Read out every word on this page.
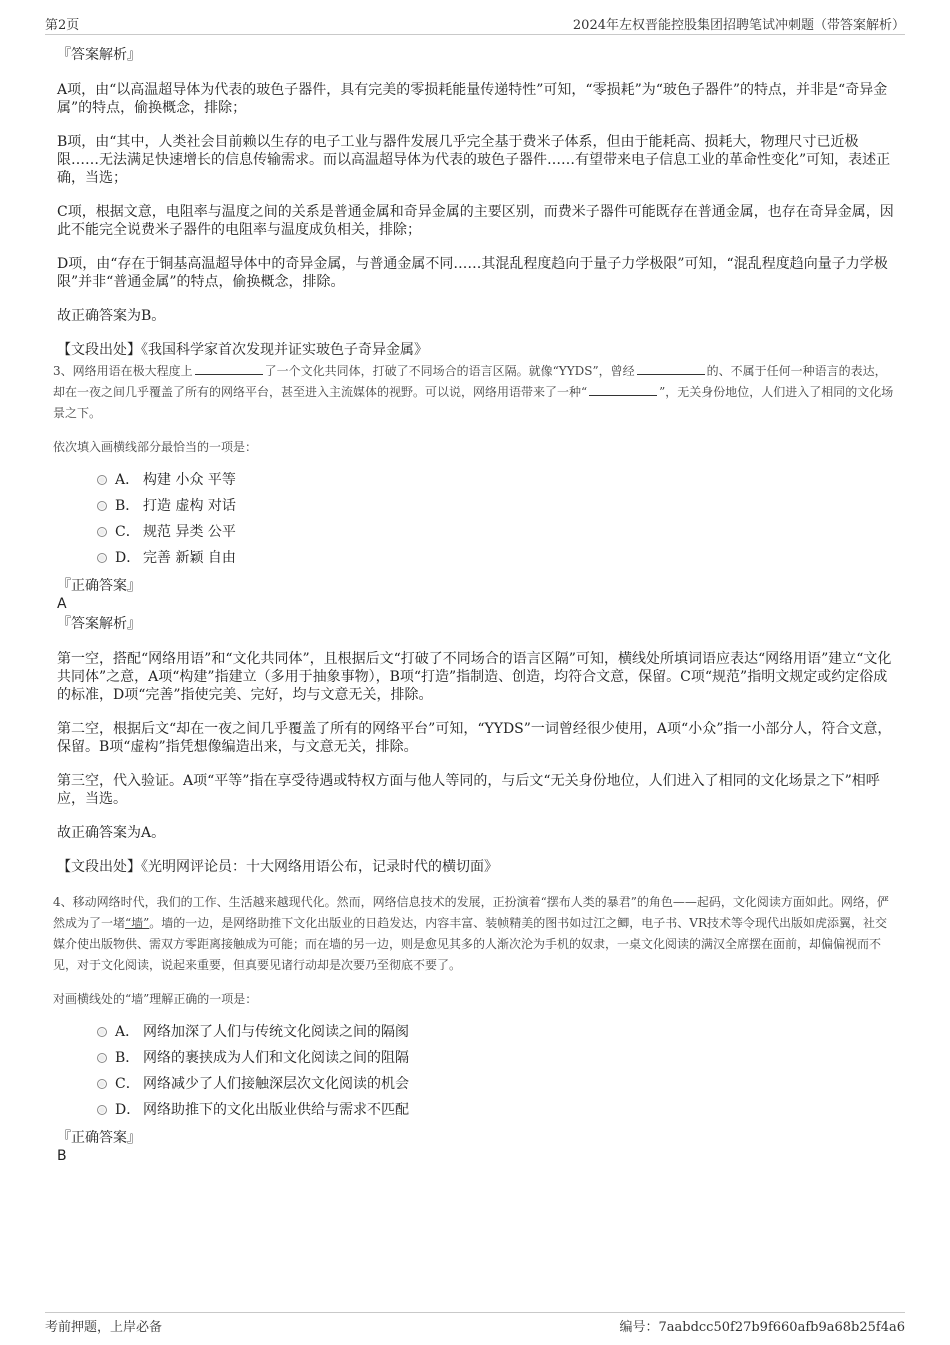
第2页	2024年左权晋能控股集团招聘笔试冲刺题（带答案解析）

『答案解析』

A项，由“以高温超导体为代表的玻色子器件，具有完美的零损耗能量传递特性”可知，“零损耗”为“玻色子器件”的特点，并非是“奇异金属”的特点，偷换概念，排除；

B项，由“其中，人类社会目前赖以生存的电子工业与器件发展几乎完全基于费米子体系，但由于能耗高、损耗大，物理尺寸已近极限……无法满足快速增长的信息传输需求。而以高温超导体为代表的玻色子器件……有望带来电子信息工业的革命性变化”可知，表述正确，当选；

C项，根据文意，电阻率与温度之间的关系是普通金属和奇异金属的主要区别，而费米子器件可能既存在普通金属，也存在奇异金属，因此不能完全说费米子器件的电阻率与温度成负相关，排除；

D项，由“存在于铜基高温超导体中的奇异金属，与普通金属不同……其混乱程度趋向于量子力学极限”可知，“混乱程度趋向量子力学极限”并非“普通金属”的特点，偷换概念，排除。

故正确答案为B。

【文段出处】《我国科学家首次发现并证实玻色子奇异金属》

3、网络用语在极大程度上	了一个文化共同体，打破了不同场合的语言区隔。就像“YYDS”，曾经	的、不属于任何一种语言的表达，却在一夜之间几乎覆盖了所有的网络平台，甚至进入主流媒体的视野。可以说，网络用语带来了一种“	”，无关身份地位，人们进入了相同的文化场景之下。

依次填入画横线部分最恰当的一项是：

A． 构建 小众 平等
B． 打造 虚构 对话
C． 规范 异类 公平
D． 完善 新颖 自由

『正确答案』

A

『答案解析』

第一空，搭配“网络用语”和“文化共同体”，且根据后文“打破了不同场合的语言区隔”可知，横线处所填词语应表达“网络用语”建立“文化共同体”之意，A项“构建”指建立（多用于抽象事物），B项“打造”指制造、创造，均符合文意，保留。C项“规范”指明文规定或约定俗成的标准，D项“完善”指使完美、完好，均与文意无关，排除。

第二空，根据后文“却在一夜之间几乎覆盖了所有的网络平台”可知，“YYDS”一词曾经很少使用，A项“小众”指一小部分人，符合文意，保留。B项“虚构”指凭想像编造出来，与文意无关，排除。

第三空，代入验证。A项“平等”指在享受待遇或特权方面与他人等同的，与后文“无关身份地位，人们进入了相同的文化场景之下”相呼应，当选。

故正确答案为A。

【文段出处】《光明网评论员：十大网络用语公布，记录时代的横切面》

4、移动网络时代，我们的工作、生活越来越现代化。然而，网络信息技术的发展，正扮演着“摆布人类的暴君”的角色——起码，文化阅读方面如此。网络，俨然成为了一堵“墙”。墙的一边，是网络助推下文化出版业的日趋发达，内容丰富、装帧精美的图书如过江之鲫，电子书、VR技术等令现代出版如虎添翼，社交媒介使出版物供、需双方零距离接触成为可能；而在墙的另一边，则是愈见其多的人渐次沦为手机的奴隶，一桌文化阅读的满汉全席摆在面前，却偏偏视而不见，对于文化阅读，说起来重要，但真要见诸行动却是次要乃至彻底不要了。

对画横线处的“墙”理解正确的一项是：

A． 网络加深了人们与传统文化阅读之间的隔阂
B． 网络的裹挟成为人们和文化阅读之间的阻隔
C． 网络减少了人们接触深层次文化阅读的机会
D． 网络助推下的文化出版业供给与需求不匹配

『正确答案』

B

考前押题，上岸必备	编号：7aabdcc50f27b9f660afb9a68b25f4a6
